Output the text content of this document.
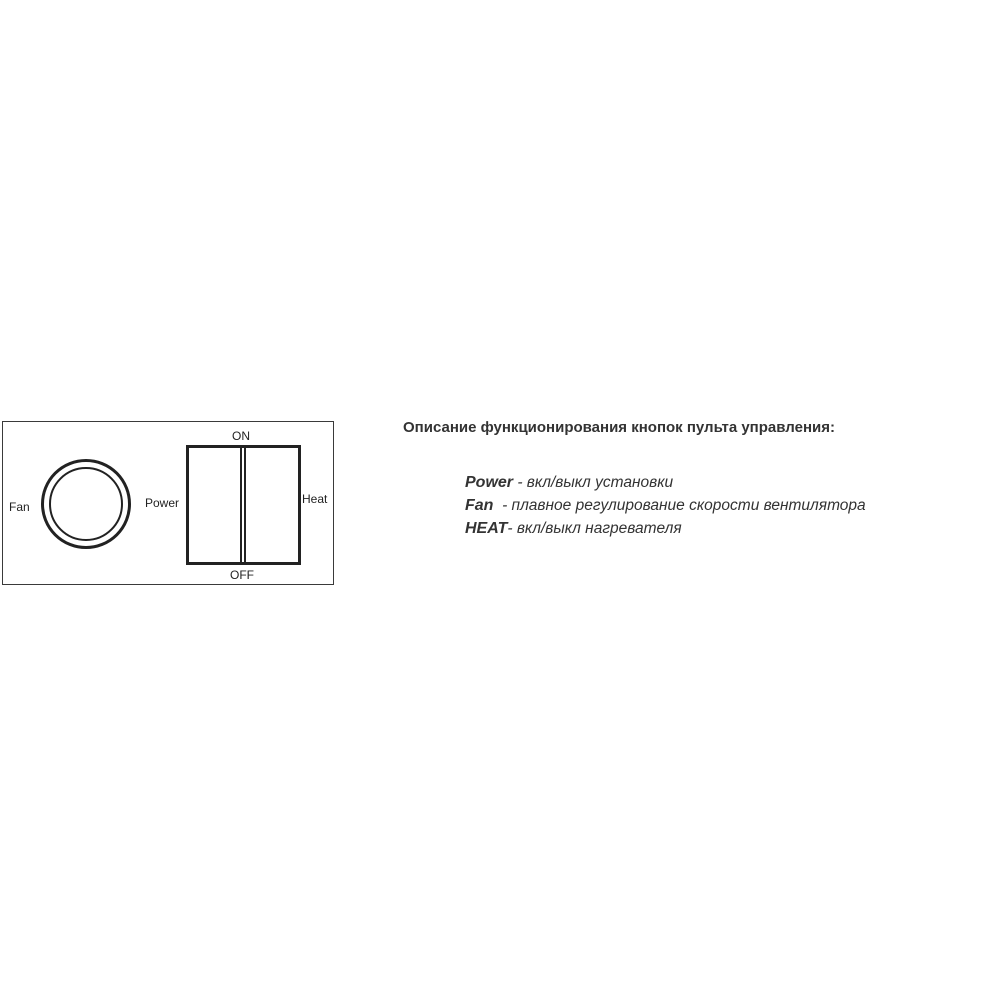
Fan	Power
ON
OFF
Heat
Описание функционирования кнопок пульта управления:
Power - вкл/выкл установки
Fan  - плавное регулирование скорости вентилятора
HEAT- вкл/выкл нагревателя
